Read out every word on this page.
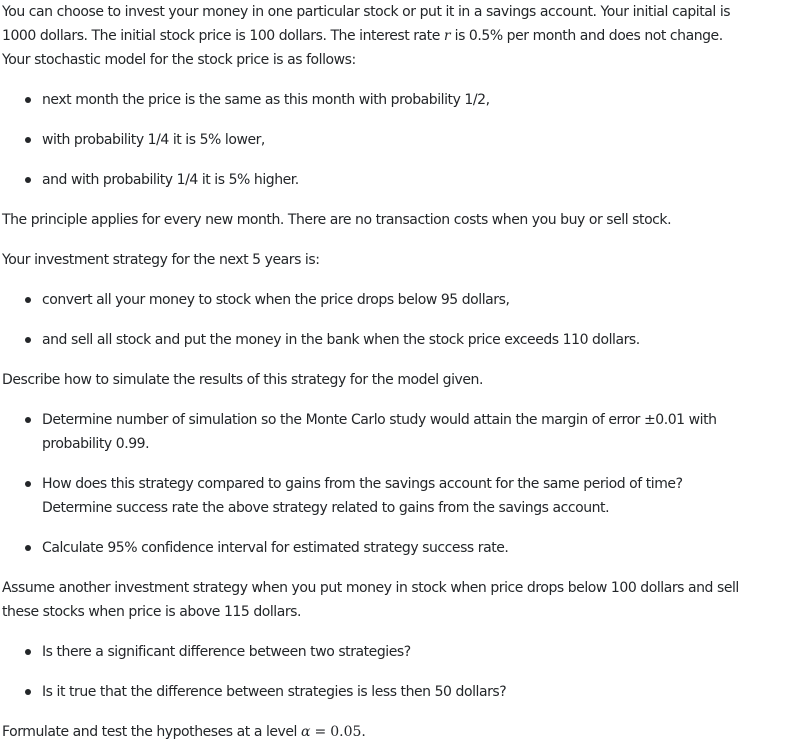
You can choose to invest your money in one particular stock or put it in a savings account. Your initial capital is
1000 dollars. The initial stock price is 100 dollars. The interest rate r is 0.5% per month and does not change.
Your stochastic model for the stock price is as follows:
next month the price is the same as this month with probability 1/2,
with probability 1/4 it is 5% lower,
and with probability 1/4 it is 5% higher.
The principle applies for every new month. There are no transaction costs when you buy or sell stock.
Your investment strategy for the next 5 years is:
convert all your money to stock when the price drops below 95 dollars,
and sell all stock and put the money in the bank when the stock price exceeds 110 dollars.
Describe how to simulate the results of this strategy for the model given.
Determine number of simulation so the Monte Carlo study would attain the margin of error ±0.01 with
probability 0.99.
How does this strategy compared to gains from the savings account for the same period of time?
Determine success rate the above strategy related to gains from the savings account.
Calculate 95% confidence interval for estimated strategy success rate.
Assume another investment strategy when you put money in stock when price drops below 100 dollars and sell
these stocks when price is above 115 dollars.
Is there a significant difference between two strategies?
Is it true that the difference between strategies is less then 50 dollars?
Formulate and test the hypotheses at a level α = 0.05.
